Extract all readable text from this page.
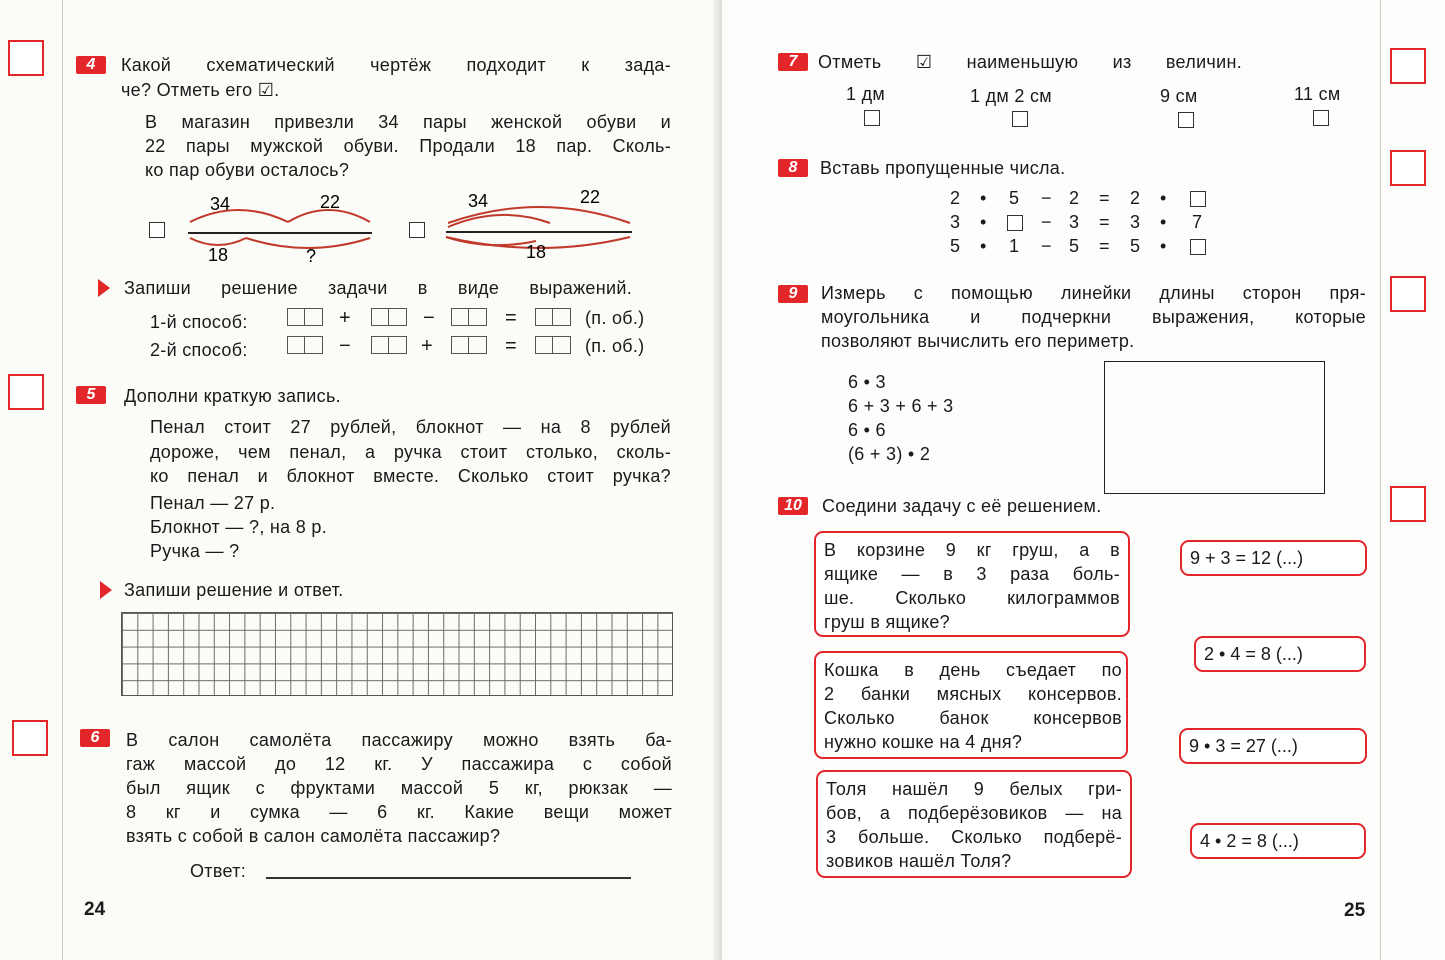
4	Какой схематический чертёж подходит к зада-
че? Отметь его ☑.
В магазин привезли 34 пары женской обуви и
22 пары мужской обуви. Продали 18 пар. Сколь-
ко пар обуви осталось?
34	22
18	?
34	22
18
Запиши решение задачи в виде выражений.
1-й способ:	+	−	=	(п. об.)
2-й способ:	−	+	=	(п. об.)
5	Дополни краткую запись.
Пенал стоит 27 рублей, блокнот — на 8 рублей
дороже, чем пенал, а ручка стоит столько, сколь-
ко пенал и блокнот вместе. Сколько стоит ручка?
Пенал — 27 р.
Блокнот — ?, на 8 р.
Ручка — ?
Запиши решение и ответ.
6	В салон самолёта пассажиру можно взять ба-
гаж массой до 12 кг. У пассажира с собой
был ящик с фруктами массой 5 кг, рюкзак —
8 кг и сумка — 6 кг. Какие вещи может
взять с собой в салон самолёта пассажир?
Ответ:
24
7	Отметь ☑ наименьшую из величин.
1 дм	1 дм 2 см	9 см	11 см
8	Вставь пропущенные числа.
9	Измерь с помощью линейки длины сторон пря-
моугольника и подчеркни выражения, которые
позволяют вычислить его периметр.
6 • 3
6 + 3 + 6 + 3
6 • 6
(6 + 3) • 2
10	Соедини задачу с её решением.
В корзине 9 кг груш, а в
ящике — в 3 раза боль-
ше. Сколько килограммов
груш в ящике?
Кошка в день съедает по
2 банки мясных консервов.
Сколько банок консервов
нужно кошке на 4 дня?
Толя нашёл 9 белых гри-
бов, а подберёзовиков — на
3 больше. Сколько подберё-
зовиков нашёл Толя?
9 + 3 = 12 (...)
2 • 4 = 8 (...)
9 • 3 = 27 (...)
4 • 2 = 8 (...)
25
2 • 5 − 2 = 2 •
3 •	− 3 = 3 • 7
5 • 1 − 5 = 5 •
